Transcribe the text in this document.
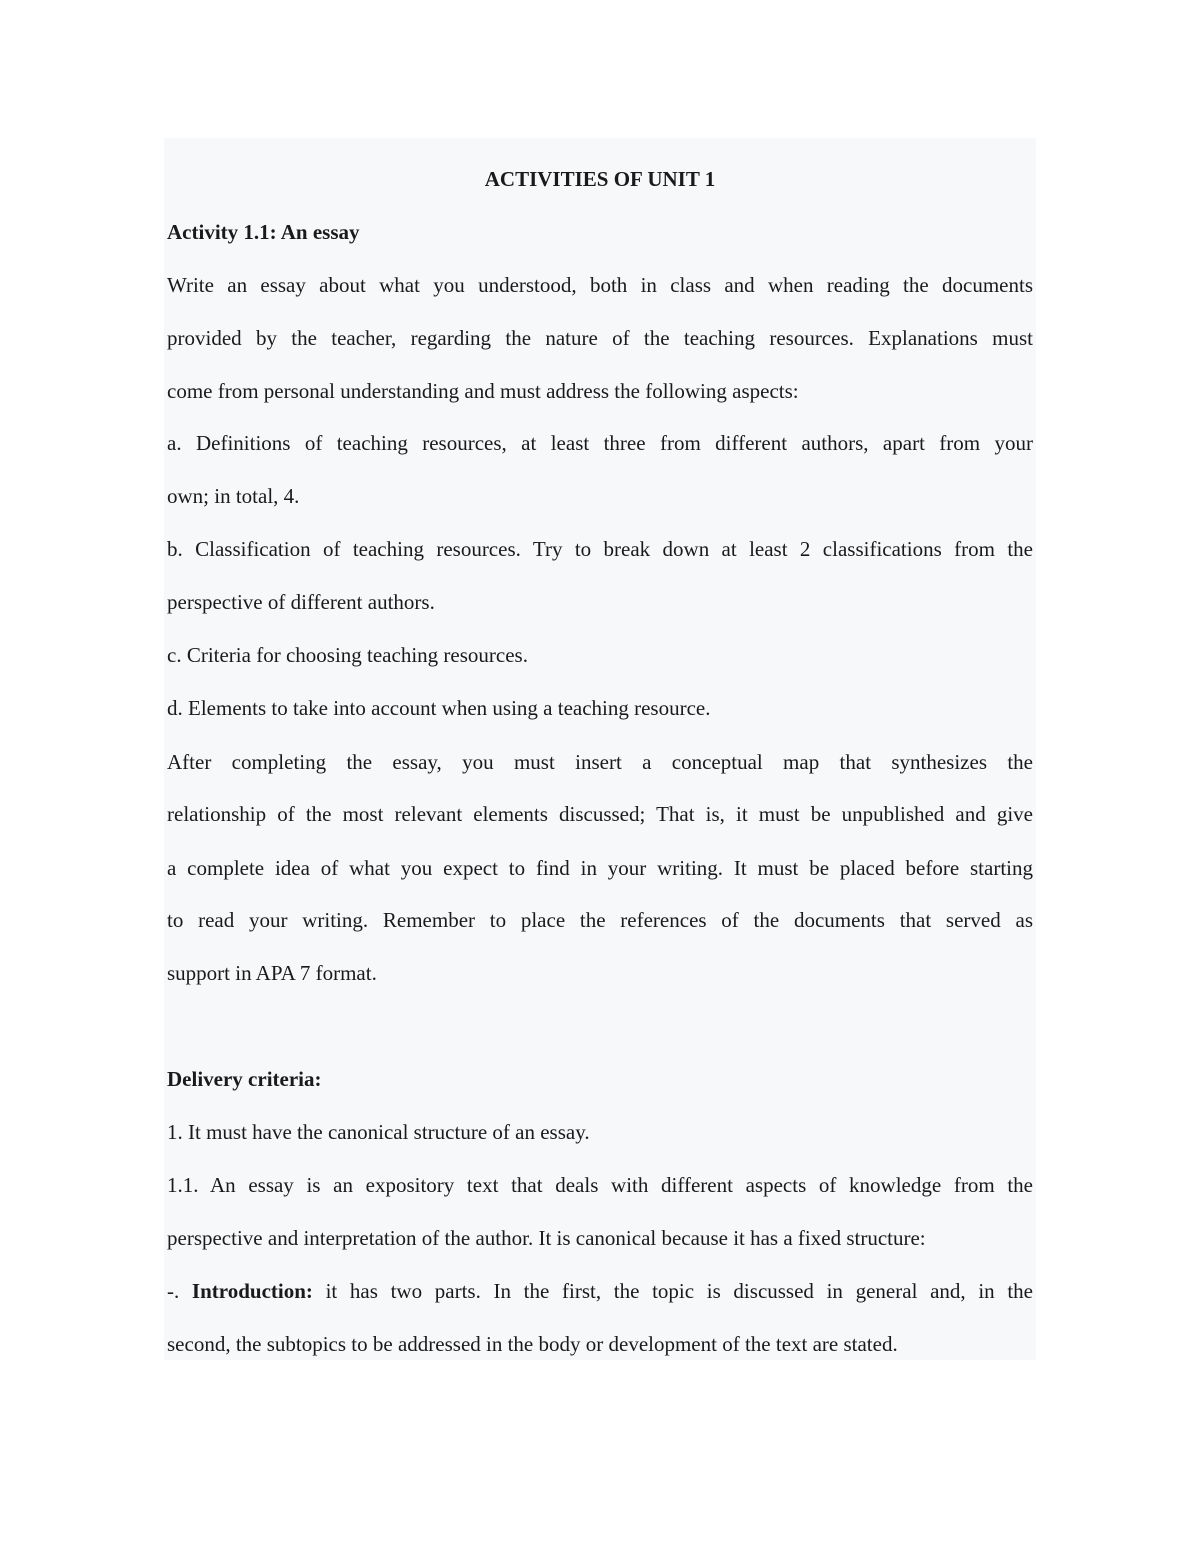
ACTIVITIES OF UNIT 1
Activity 1.1: An essay
Write an essay about what you understood, both in class and when reading the documents
provided by the teacher, regarding the nature of the teaching resources. Explanations must
come from personal understanding and must address the following aspects:
a. Definitions of teaching resources, at least three from different authors, apart from your
own; in total, 4.
b. Classification of teaching resources. Try to break down at least 2 classifications from the
perspective of different authors.
c. Criteria for choosing teaching resources.
d. Elements to take into account when using a teaching resource.
After completing the essay, you must insert a conceptual map that synthesizes the
relationship of the most relevant elements discussed; That is, it must be unpublished and give
a complete idea of what you expect to find in your writing. It must be placed before starting
to read your writing. Remember to place the references of the documents that served as
support in APA 7 format.
Delivery criteria:
1. It must have the canonical structure of an essay.
1.1. An essay is an expository text that deals with different aspects of knowledge from the
perspective and interpretation of the author. It is canonical because it has a fixed structure:
-. Introduction: it has two parts. In the first, the topic is discussed in general and, in the
second, the subtopics to be addressed in the body or development of the text are stated.
